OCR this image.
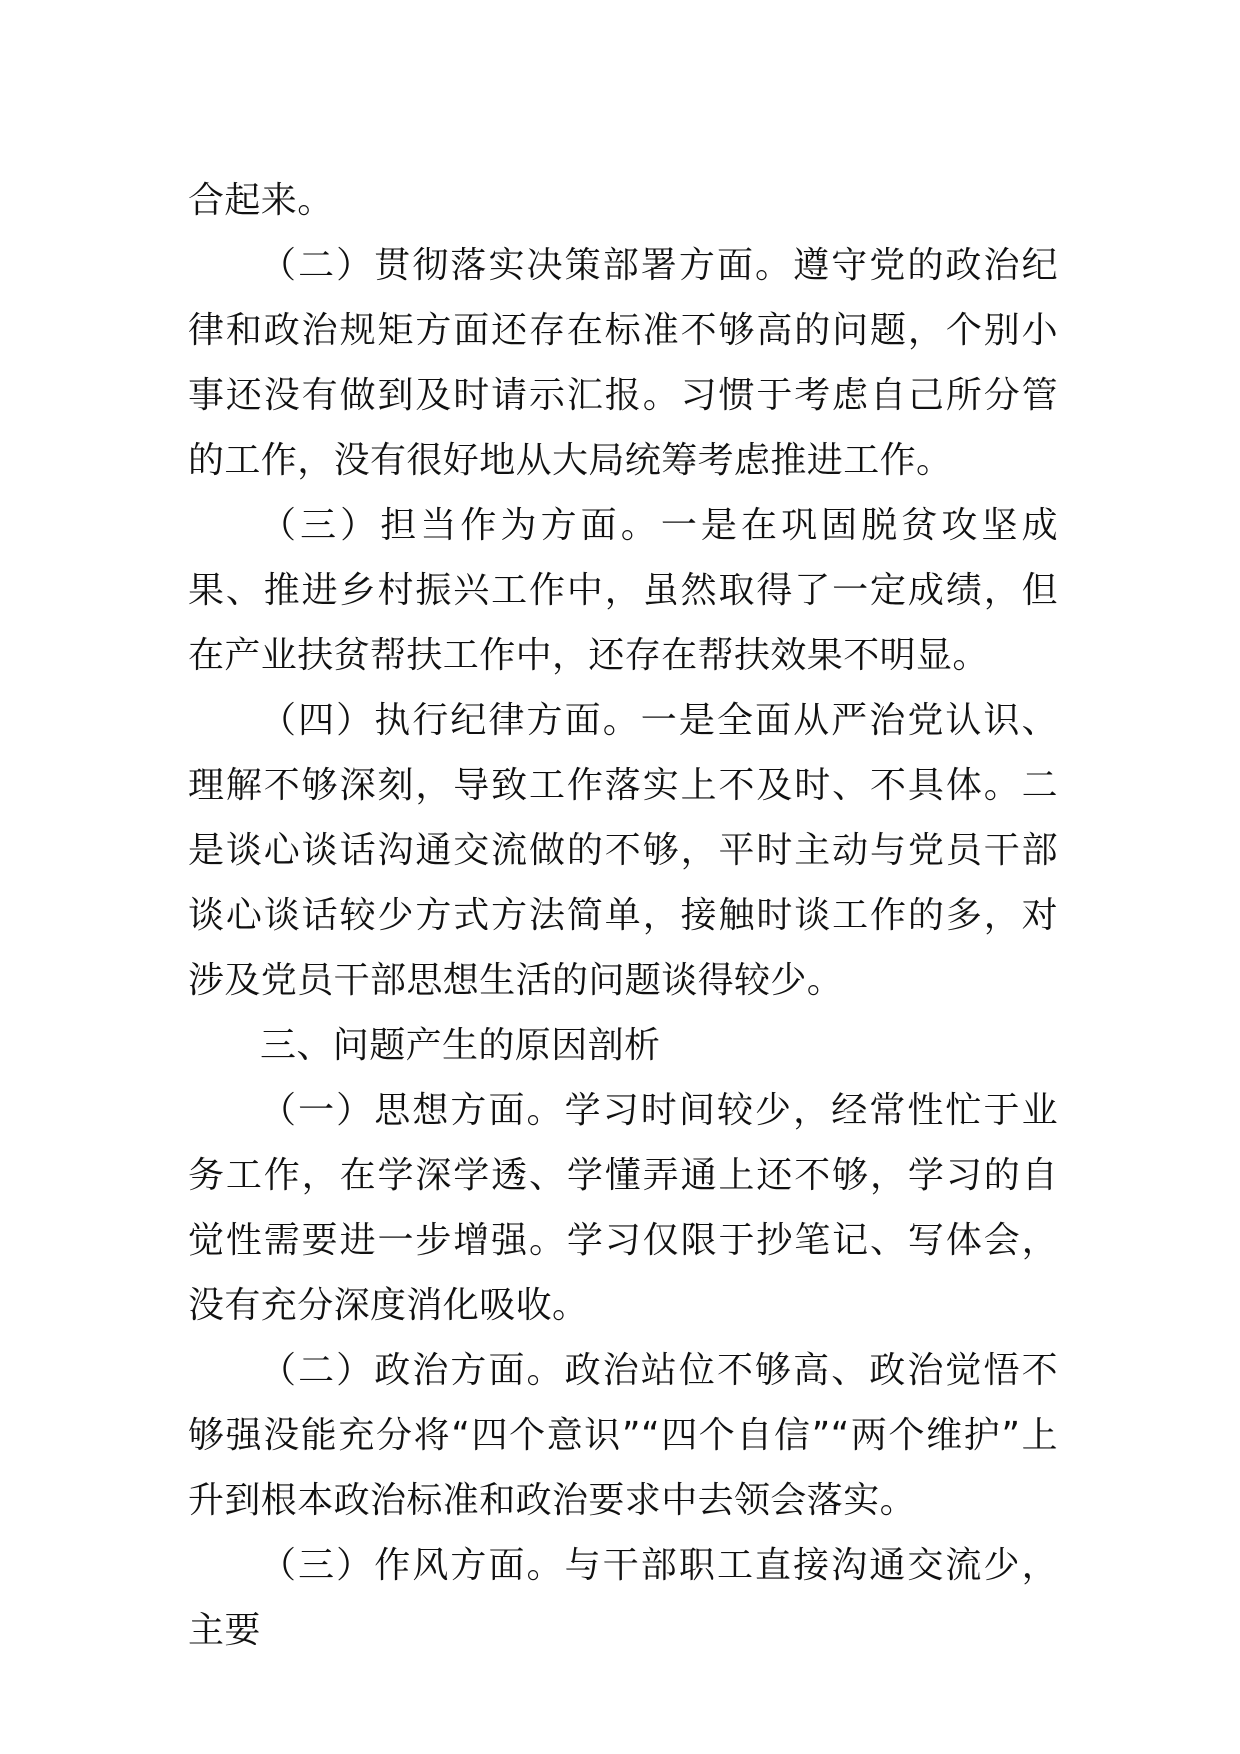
合起来。

（二）贯彻落实决策部署方面。遵守党的政治纪律和政治规矩方面还存在标准不够高的问题，个别小事还没有做到及时请示汇报。习惯于考虑自己所分管的工作，没有很好地从大局统筹考虑推进工作。

（三）担当作为方面。一是在巩固脱贫攻坚成果、推进乡村振兴工作中，虽然取得了一定成绩，但在产业扶贫帮扶工作中，还存在帮扶效果不明显。

（四）执行纪律方面。一是全面从严治党认识、理解不够深刻，导致工作落实上不及时、不具体。二是谈心谈话沟通交流做的不够，平时主动与党员干部谈心谈话较少方式方法简单，接触时谈工作的多，对涉及党员干部思想生活的问题谈得较少。

三、问题产生的原因剖析

（一）思想方面。学习时间较少，经常性忙于业务工作，在学深学透、学懂弄通上还不够，学习的自觉性需要进一步增强。学习仅限于抄笔记、写体会，没有充分深度消化吸收。

（二）政治方面。政治站位不够高、政治觉悟不够强没能充分将“四个意识”“四个自信”“两个维护”上升到根本政治标准和政治要求中去领会落实。

（三）作风方面。与干部职工直接沟通交流少，主要
